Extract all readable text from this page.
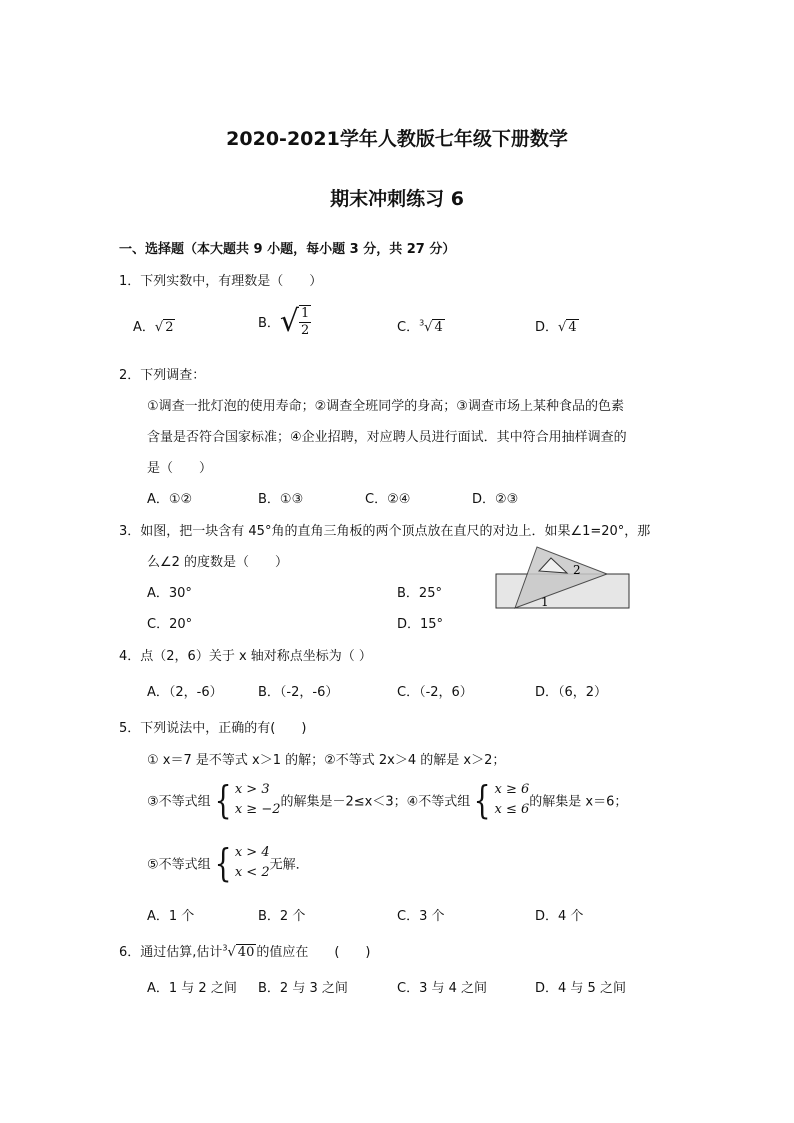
2020-2021学年人教版七年级下册数学
期末冲刺练习 6
一、选择题（本大题共 9 小题，每小题 3 分，共 27 分）
1．下列实数中，有理数是（　　）
A．√ 2	B．√ $\frac{1}{2}$	C．$^3$√ 4	D．√ 4
2．下列调查：
①调查一批灯泡的使用寿命；②调查全班同学的身高；③调查市场上某种食品的色素
含量是否符合国家标准；④企业招聘，对应聘人员进行面试．其中符合用抽样调查的
是（　　）
A．①②	B．①③	C．②④	D．②③
3．如图，把一块含有 45°角的直角三角板的两个顶点放在直尺的对边上．如果∠1=20°，那
么∠2 的度数是（　　）
A．30°	B．25°
C．20°	D．15°
2
1
4．点（2，6）关于 x 轴对称点坐标为（ ）
A．（2，-6）	B．（-2，-6）	C．（-2，6）	D．（6，2）
5．下列说法中，正确的有(　　)
① x＝7 是不等式 x＞1 的解；②不等式 2x＞4 的解是 x＞2；
③不等式组{ x > 3
x ≥ −2 的解集是－2≤x＜3；④不等式组{ x ≥ 6
x ≤ 6 的解集是 x＝6；
⑤不等式组{ x > 4
x < 2 无解．
A．1 个	B．2 个	C．3 个	D．4 个
6．通过估算,估计$^3$√ 40 的值应在　　(　　)
A．1 与 2 之间 B．2 与 3 之间	C．3 与 4 之间	D．4 与 5 之间
